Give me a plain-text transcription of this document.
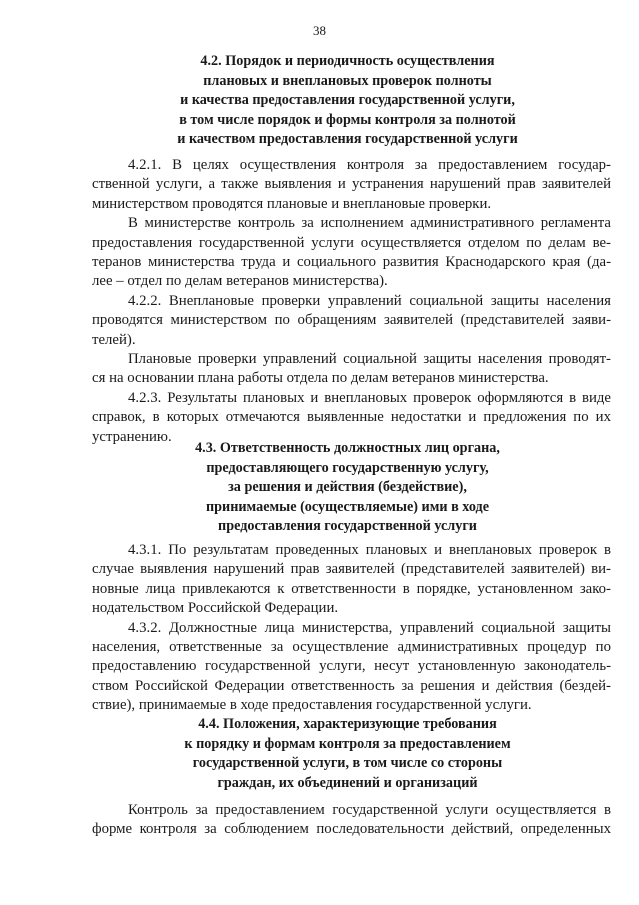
38
4.2. Порядок и периодичность осуществления
плановых и внеплановых проверок полноты
и качества предоставления государственной услуги,
в том числе порядок и формы контроля за полнотой
и качеством предоставления государственной услуги
4.2.1. В целях осуществления контроля за предоставлением государ-
ственной услуги, а также выявления и устранения нарушений прав заявителей
министерством проводятся плановые и внеплановые проверки.
В министерстве контроль за исполнением административного регламента
предоставления государственной услуги осуществляется отделом по делам ве-
теранов министерства труда и социального развития Краснодарского края (да-
лее – отдел по делам ветеранов министерства).
4.2.2. Внеплановые проверки управлений социальной защиты населения
проводятся министерством по обращениям заявителей (представителей заяви-
телей).
Плановые проверки управлений социальной защиты населения проводят-
ся на основании плана работы отдела по делам ветеранов министерства.
4.2.3. Результаты плановых и внеплановых проверок оформляются в виде
справок, в которых отмечаются выявленные недостатки и предложения по их
устранению.
4.3. Ответственность должностных лиц органа,
предоставляющего государственную услугу,
за решения и действия (бездействие),
принимаемые (осуществляемые) ими в ходе
предоставления государственной услуги
4.3.1. По результатам проведенных плановых и внеплановых проверок в
случае выявления нарушений прав заявителей (представителей заявителей) ви-
новные лица привлекаются к ответственности в порядке, установленном зако-
нодательством Российской Федерации.
4.3.2. Должностные лица министерства, управлений социальной защиты
населения, ответственные за осуществление административных процедур по
предоставлению государственной услуги, несут установленную законодатель-
ством Российской Федерации ответственность за решения и действия (бездей-
ствие), принимаемые в ходе предоставления государственной услуги.
4.4. Положения, характеризующие требования
к порядку и формам контроля за предоставлением
государственной услуги, в том числе со стороны
граждан, их объединений и организаций
Контроль за предоставлением государственной услуги осуществляется в
форме контроля за соблюдением последовательности действий, определенных
